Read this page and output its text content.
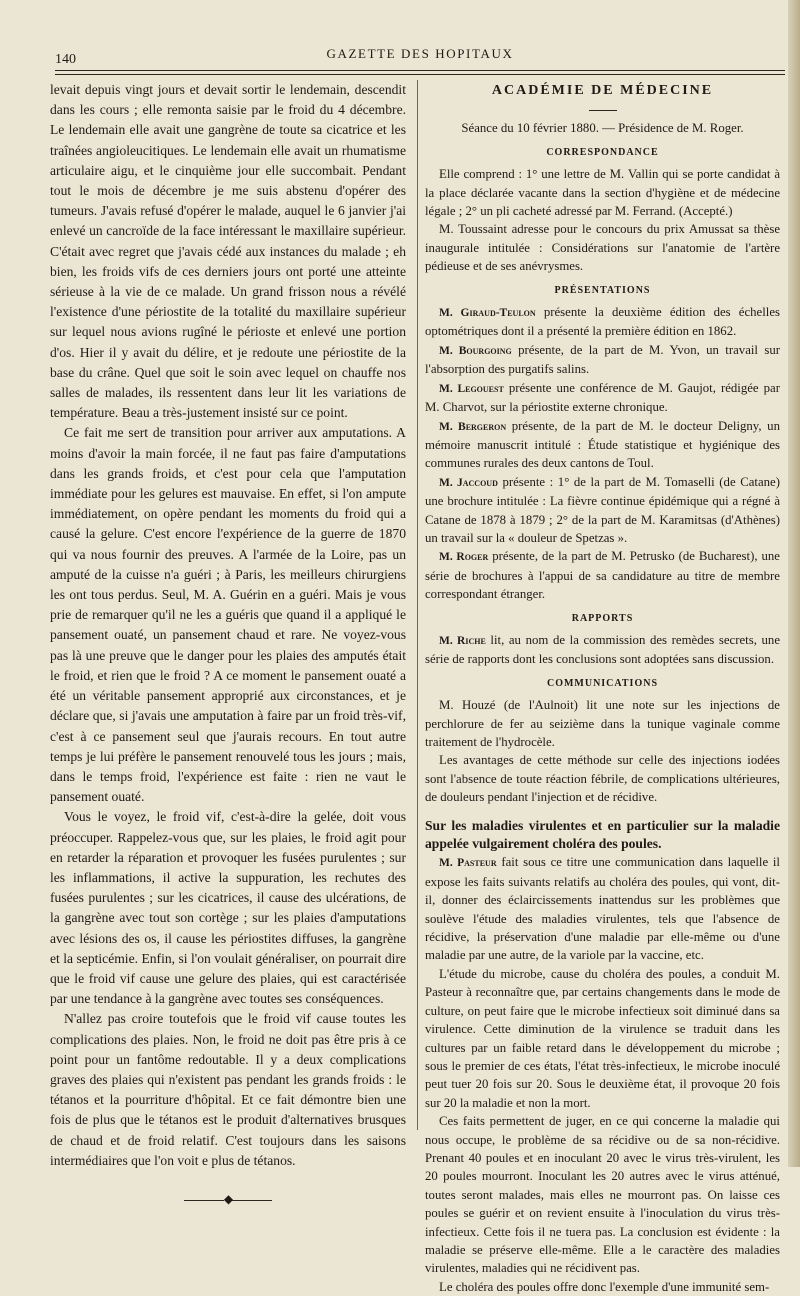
140	GAZETTE DES HOPITAUX

levait depuis vingt jours et devait sortir le lendemain, descendit dans les cours ; elle remonta saisie par le froid du 4 décembre. Le lendemain elle avait une gangrène de toute sa cicatrice et les traînées angioleucitiques. Le lendemain elle avait un rhumatisme articulaire aigu, et le cinquième jour elle succombait. Pendant tout le mois de décembre je me suis abstenu d'opérer des tumeurs. J'avais refusé d'opérer le malade, auquel le 6 janvier j'ai enlevé un cancroïde de la face intéressant le maxillaire supérieur. C'était avec regret que j'avais cédé aux instances du malade ; eh bien, les froids vifs de ces derniers jours ont porté une atteinte sérieuse à la vie de ce malade. Un grand frisson nous a révélé l'existence d'une périostite de la totalité du maxillaire supérieur sur lequel nous avions rugîné le périoste et enlevé une portion d'os. Hier il y avait du délire, et je redoute une périostite de la base du crâne. Quel que soit le soin avec lequel on chauffe nos salles de malades, ils ressentent dans leur lit les variations de température. Beau a très-justement insisté sur ce point.

Ce fait me sert de transition pour arriver aux amputations. A moins d'avoir la main forcée, il ne faut pas faire d'amputations dans les grands froids, et c'est pour cela que l'amputation immédiate pour les gelures est mauvaise. En effet, si l'on ampute immédiatement, on opère pendant les moments du froid qui a causé la gelure. C'est encore l'expérience de la guerre de 1870 qui va nous fournir des preuves. A l'armée de la Loire, pas un amputé de la cuisse n'a guéri ; à Paris, les meilleurs chirurgiens les ont tous perdus. Seul, M. A. Guérin en a guéri. Mais je vous prie de remarquer qu'il ne les a guéris que quand il a appliqué le pansement ouaté, un pansement chaud et rare. Ne voyez-vous pas là une preuve que le danger pour les plaies des amputés était le froid, et rien que le froid ? A ce moment le pansement ouaté a été un véritable pansement approprié aux circonstances, et je déclare que, si j'avais une amputation à faire par un froid très-vif, c'est à ce pansement seul que j'aurais recours. En tout autre temps je lui préfère le pansement renouvelé tous les jours ; mais, dans le temps froid, l'expérience est faite : rien ne vaut le pansement ouaté.

Vous le voyez, le froid vif, c'est-à-dire la gelée, doit vous préoccuper. Rappelez-vous que, sur les plaies, le froid agit pour en retarder la réparation et provoquer les fusées purulentes ; sur les inflammations, il active la suppuration, les rechutes des fusées purulentes ; sur les cicatrices, il cause des ulcérations, de la gangrène avec tout son cortège ; sur les plaies d'amputations avec lésions des os, il cause les périostites diffuses, la gangrène et la septicémie. Enfin, si l'on voulait généraliser, on pourrait dire que le froid vif cause une gelure des plaies, qui est caractérisée par une tendance à la gangrène avec toutes ses conséquences.

N'allez pas croire toutefois que le froid vif cause toutes les complications des plaies. Non, le froid ne doit pas être pris à ce point pour un fantôme redoutable. Il y a deux complications graves des plaies qui n'existent pas pendant les grands froids : le tétanos et la pourriture d'hôpital. Et ce fait démontre bien une fois de plus que le tétanos est le produit d'alternatives brusques de chaud et de froid relatif. C'est toujours dans les saisons intermédiaires que l'on voit e plus de tétanos.

◆
ACADÉMIE DE MÉDECINE

Séance du 10 février 1880. — Présidence de M. Roger.

CORRESPONDANCE

Elle comprend : 1° une lettre de M. Vallin qui se porte candidat à la place déclarée vacante dans la section d'hygiène et de médecine légale ; 2° un pli cacheté adressé par M. Ferrand. (Accepté.)

M. Toussaint adresse pour le concours du prix Amussat sa thèse inaugurale intitulée : Considérations sur l'anatomie de l'artère pédieuse et de ses anévrysmes.

PRÉSENTATIONS

M. Giraud-Teulon présente la deuxième édition des échelles optométriques dont il a présenté la première édition en 1862.

M. Bourgoing présente, de la part de M. Yvon, un travail sur l'absorption des purgatifs salins.

M. Legouest présente une conférence de M. Gaujot, rédigée par M. Charvot, sur la périostite externe chronique.

M. Bergeron présente, de la part de M. le docteur Deligny, un mémoire manuscrit intitulé : Étude statistique et hygiénique des communes rurales des deux cantons de Toul.

M. Jaccoud présente : 1° de la part de M. Tomaselli (de Catane) une brochure intitulée : La fièvre continue épidémique qui a régné à Catane de 1878 à 1879 ; 2° de la part de M. Karamitsas (d'Athènes) un travail sur la « douleur de Spetzas ».

M. Roger présente, de la part de M. Petrusko (de Bucharest), une série de brochures à l'appui de sa candidature au titre de membre correspondant étranger.

RAPPORTS

M. Riche lit, au nom de la commission des remèdes secrets, une série de rapports dont les conclusions sont adoptées sans discussion.

COMMUNICATIONS

M. Houzé (de l'Aulnoit) lit une note sur les injections de perchlorure de fer au seizième dans la tunique vaginale comme traitement de l'hydrocèle.

Les avantages de cette méthode sur celle des injections iodées sont l'absence de toute réaction fébrile, de complications ultérieures, de douleurs pendant l'injection et de récidive.

Sur les maladies virulentes et en particulier sur la maladie appelée vulgairement choléra des poules.

M. Pasteur fait sous ce titre une communication dans laquelle il expose les faits suivants relatifs au choléra des poules, qui vont, dit-il, donner des éclaircissements inattendus sur les problèmes que soulève l'étude des maladies virulentes, tels que l'absence de récidive, la préservation d'une maladie par elle-même ou d'une maladie par une autre, de la variole par la vaccine, etc.

L'étude du microbe, cause du choléra des poules, a conduit M. Pasteur à reconnaître que, par certains changements dans le mode de culture, on peut faire que le microbe infectieux soit diminué dans sa virulence. Cette diminution de la virulence se traduit dans les cultures par un faible retard dans le développement du microbe ; sous le premier de ces états, l'état très-infectieux, le microbe inoculé peut tuer 20 fois sur 20. Sous le deuxième état, il provoque 20 fois sur 20 la maladie et non la mort.

Ces faits permettent de juger, en ce qui concerne la maladie qui nous occupe, le problème de sa récidive ou de sa non-récidive. Prenant 40 poules et en inoculant 20 avec le virus très-virulent, les 20 poules mourront. Inoculant les 20 autres avec le virus atténué, toutes seront malades, mais elles ne mourront pas. On laisse ces poules se guérir et on revient ensuite à l'inoculation du virus très-infectieux. Cette fois il ne tuera pas. La conclusion est évidente : la maladie se préserve elle-même. Elle a le caractère des maladies virulentes, maladies qui ne récidivent pas.

Le choléra des poules offre donc l'exemple d'une immunité sem-
